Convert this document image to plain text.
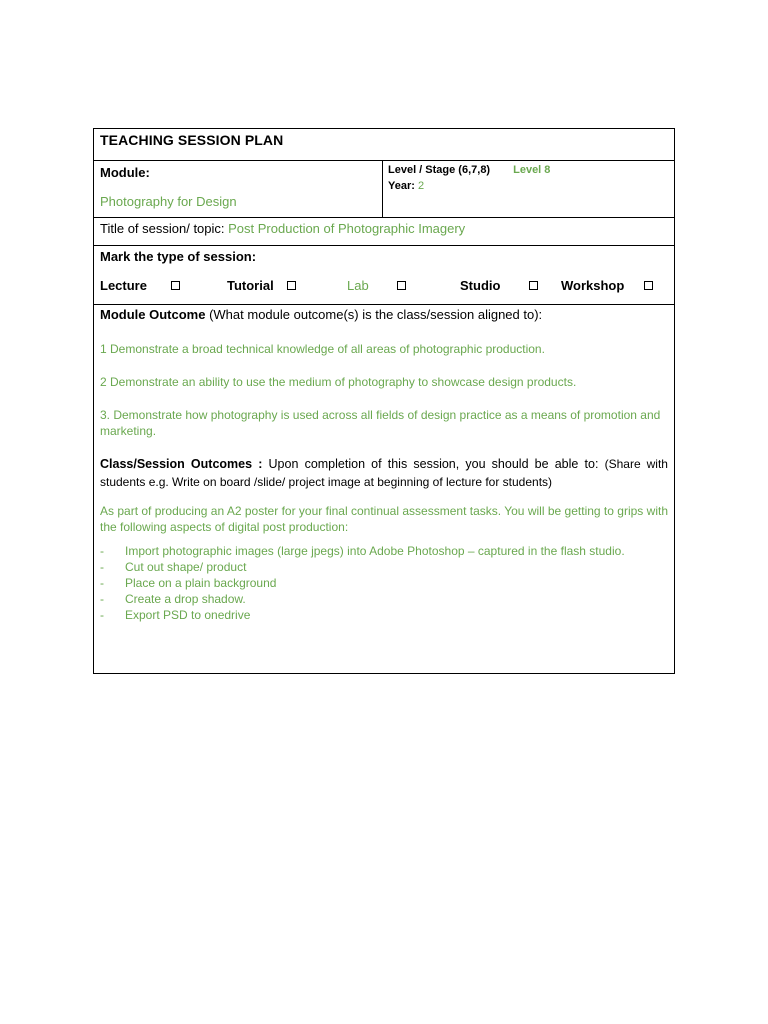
TEACHING SESSION PLAN
Module:
Photography for Design
Level / Stage (6,7,8) Level 8
Year: 2
Title of session/ topic: Post Production of Photographic Imagery
Mark the type of session:
Lecture	Tutorial	Lab	Studio	Workshop
Module Outcome (What module outcome(s) is the class/session aligned to):
1 Demonstrate a broad technical knowledge of all areas of photographic production.
2 Demonstrate an ability to use the medium of photography to showcase design products.
3. Demonstrate how photography is used across all fields of design practice as a means of promotion and marketing.
Class/Session Outcomes : Upon completion of this session, you should be able to: (Share with students e.g. Write on board /slide/ project image at beginning of lecture for students)
As part of producing an A2 poster for your final continual assessment tasks. You will be getting to grips with the following aspects of digital post production:
- Import photographic images (large jpegs) into Adobe Photoshop – captured in the flash studio.
- Cut out shape/ product
- Place on a plain background
- Create a drop shadow.
- Export PSD to onedrive
